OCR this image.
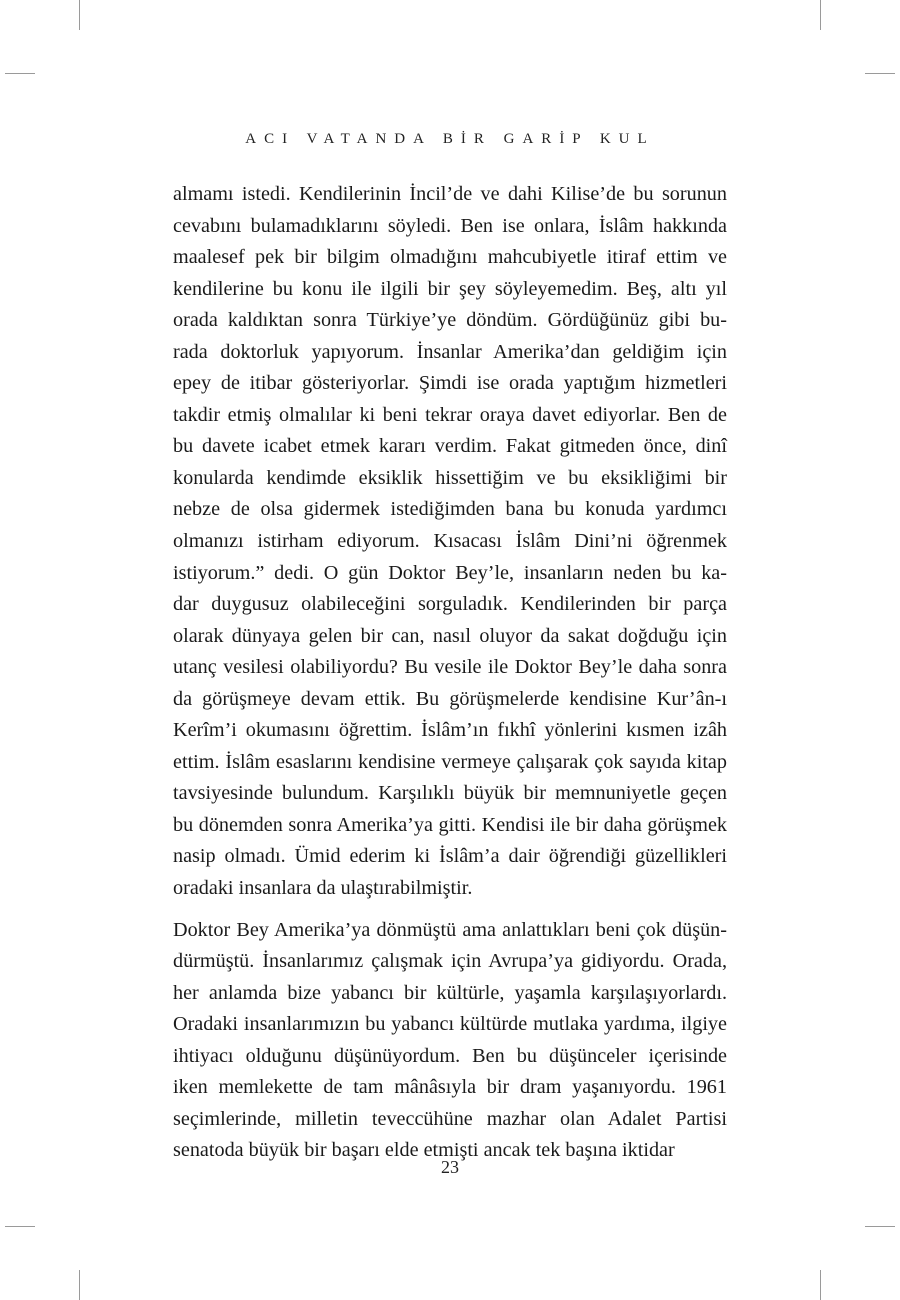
ACI VATANDA BİR GARİP KUL

almamı istedi. Kendilerinin İncil’de ve dahi Kilise’de bu sorunun
cevabını bulamadıklarını söyledi. Ben ise onlara, İslâm hakkında
maalesef pek bir bilgim olmadığını mahcubiyetle itiraf ettim ve
kendilerine bu konu ile ilgili bir şey söyleyemedim. Beş, altı yıl
orada kaldıktan sonra Türkiye’ye döndüm. Gördüğünüz gibi bu-
rada doktorluk yapıyorum. İnsanlar Amerika’dan geldiğim için
epey de itibar gösteriyorlar. Şimdi ise orada yaptığım hizmetleri
takdir etmiş olmalılar ki beni tekrar oraya davet ediyorlar. Ben de
bu davete icabet etmek kararı verdim. Fakat gitmeden önce, dinî
konularda kendimde eksiklik hissettiğim ve bu eksikliğimi bir
nebze de olsa gidermek istediğimden bana bu konuda yardımcı
olmanızı istirham ediyorum. Kısacası İslâm Dini’ni öğrenmek
istiyorum.” dedi. O gün Doktor Bey’le, insanların neden bu ka-
dar duygusuz olabileceğini sorguladık. Kendilerinden bir parça
olarak dünyaya gelen bir can, nasıl oluyor da sakat doğduğu için
utanç vesilesi olabiliyordu? Bu vesile ile Doktor Bey’le daha sonra
da görüşmeye devam ettik. Bu görüşmelerde kendisine Kur’ân-ı
Kerîm’i okumasını öğrettim. İslâm’ın fıkhî yönlerini kısmen izâh
ettim. İslâm esaslarını kendisine vermeye çalışarak çok sayıda kitap
tavsiyesinde bulundum. Karşılıklı büyük bir memnuniyetle geçen
bu dönemden sonra Amerika’ya gitti. Kendisi ile bir daha görüşmek
nasip olmadı. Ümid ederim ki İslâm’a dair öğrendiği güzellikleri
oradaki insanlara da ulaştırabilmiştir.

Doktor Bey Amerika’ya dönmüştü ama anlattıkları beni çok düşün-
dürmüştü. İnsanlarımız çalışmak için Avrupa’ya gidiyordu. Orada,
her anlamda bize yabancı bir kültürle, yaşamla karşılaşıyorlardı.
Oradaki insanlarımızın bu yabancı kültürde mutlaka yardıma, ilgiye
ihtiyacı olduğunu düşünüyordum. Ben bu düşünceler içerisinde
iken memlekette de tam mânâsıyla bir dram yaşanıyordu. 1961
seçimlerinde, milletin teveccühüne mazhar olan Adalet Partisi
senatoda büyük bir başarı elde etmişti ancak tek başına iktidar

23
